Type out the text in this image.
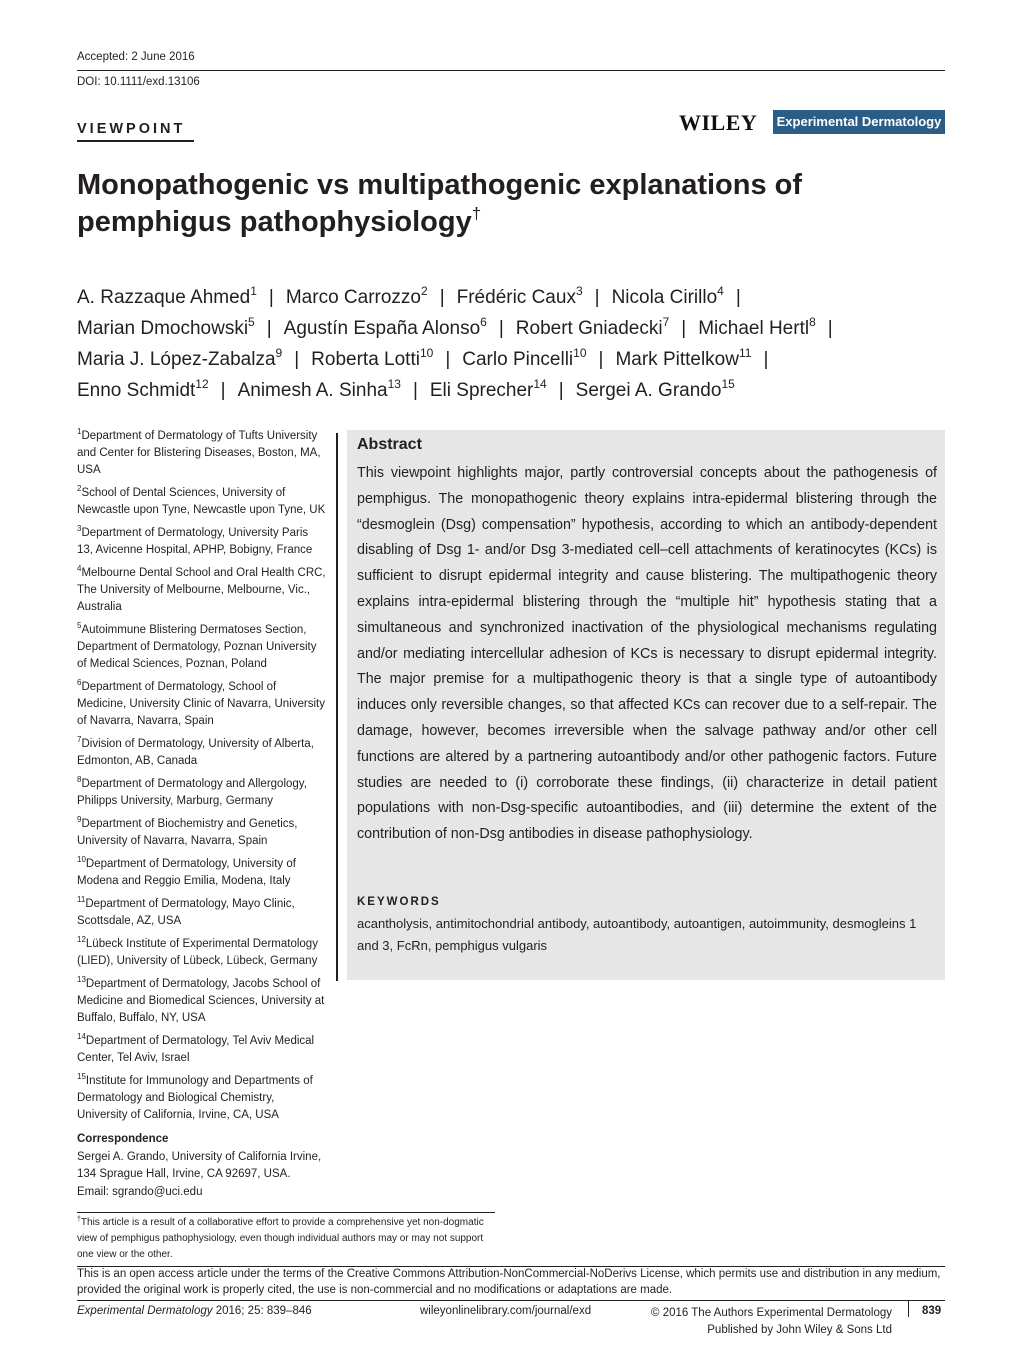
Accepted: 2 June 2016
DOI: 10.1111/exd.13106
VIEWPOINT	WILEY Experimental Dermatology
Monopathogenic vs multipathogenic explanations of pemphigus pathophysiology†
A. Razzaque Ahmed$^1$ | Marco Carrozzo$^2$ | Frédéric Caux$^3$ | Nicola Cirillo$^4$ |
Marian Dmochowski$^5$ | Agustín España Alonso$^6$ | Robert Gniadecki$^7$ | Michael Hertl$^8$ |
Maria J. López-Zabalza$^9$ | Roberta Lotti$^{10}$ | Carlo Pincelli$^{10}$ | Mark Pittelkow$^{11}$ |
Enno Schmidt$^{12}$ | Animesh A. Sinha$^{13}$ | Eli Sprecher$^{14}$ | Sergei A. Grando$^{15}$
$^1$Department of Dermatology of Tufts University and Center for Blistering Diseases, Boston, MA, USA
$^2$School of Dental Sciences, University of Newcastle upon Tyne, Newcastle upon Tyne, UK
$^3$Department of Dermatology, University Paris 13, Avicenne Hospital, APHP, Bobigny, France
$^4$Melbourne Dental School and Oral Health CRC, The University of Melbourne, Melbourne, Vic., Australia
$^5$Autoimmune Blistering Dermatoses Section, Department of Dermatology, Poznan University of Medical Sciences, Poznan, Poland
$^6$Department of Dermatology, School of Medicine, University Clinic of Navarra, University of Navarra, Navarra, Spain
$^7$Division of Dermatology, University of Alberta, Edmonton, AB, Canada
$^8$Department of Dermatology and Allergology, Philipps University, Marburg, Germany
$^9$Department of Biochemistry and Genetics, University of Navarra, Navarra, Spain
$^{10}$Department of Dermatology, University of Modena and Reggio Emilia, Modena, Italy
$^{11}$Department of Dermatology, Mayo Clinic, Scottsdale, AZ, USA
$^{12}$Lübeck Institute of Experimental Dermatology (LIED), University of Lübeck, Lübeck, Germany
$^{13}$Department of Dermatology, Jacobs School of Medicine and Biomedical Sciences, University at Buffalo, Buffalo, NY, USA
$^{14}$Department of Dermatology, Tel Aviv Medical Center, Tel Aviv, Israel
$^{15}$Institute for Immunology and Departments of Dermatology and Biological Chemistry, University of California, Irvine, CA, USA
Correspondence
Sergei A. Grando, University of California Irvine,
134 Sprague Hall, Irvine, CA 92697, USA.
Email: sgrando@uci.edu
Abstract
This viewpoint highlights major, partly controversial concepts about the pathogenesis of pemphigus. The monopathogenic theory explains intra-epidermal blistering through the “desmoglein (Dsg) compensation” hypothesis, according to which an antibody-dependent disabling of Dsg 1- and/or Dsg 3-mediated cell–cell attachments of keratinocytes (KCs) is sufficient to disrupt epidermal integrity and cause blistering. The multipathogenic theory explains intra-epidermal blistering through the “multiple hit” hypothesis stating that a simultaneous and synchronized inactivation of the physiological mechanisms regulating and/or mediating intercellular adhesion of KCs is necessary to disrupt epidermal integrity. The major premise for a multipathogenic theory is that a single type of autoantibody induces only reversible changes, so that affected KCs can recover due to a self-repair. The damage, however, becomes irreversible when the salvage pathway and/or other cell functions are altered by a partnering autoantibody and/or other pathogenic factors. Future studies are needed to (i) corroborate these findings, (ii) characterize in detail patient populations with non-Dsg-specific autoantibodies, and (iii) determine the extent of the contribution of non-Dsg antibodies in disease pathophysiology.
KEYWORDS
acantholysis, antimitochondrial antibody, autoantibody, autoantigen, autoimmunity, desmogleins 1 and 3, FcRn, pemphigus vulgaris
†This article is a result of a collaborative effort to provide a comprehensive yet non-dogmatic view of pemphigus pathophysiology, even though individual authors may or may not support one view or the other.
This is an open access article under the terms of the Creative Commons Attribution-NonCommercial-NoDerivs License, which permits use and distribution in any medium, provided the original work is properly cited, the use is non-commercial and no modifications or adaptations are made.
Experimental Dermatology 2016; 25: 839–846	wileyonlinelibrary.com/journal/exd	© 2016 The Authors Experimental Dermatology
Published by John Wiley & Sons Ltd
839
